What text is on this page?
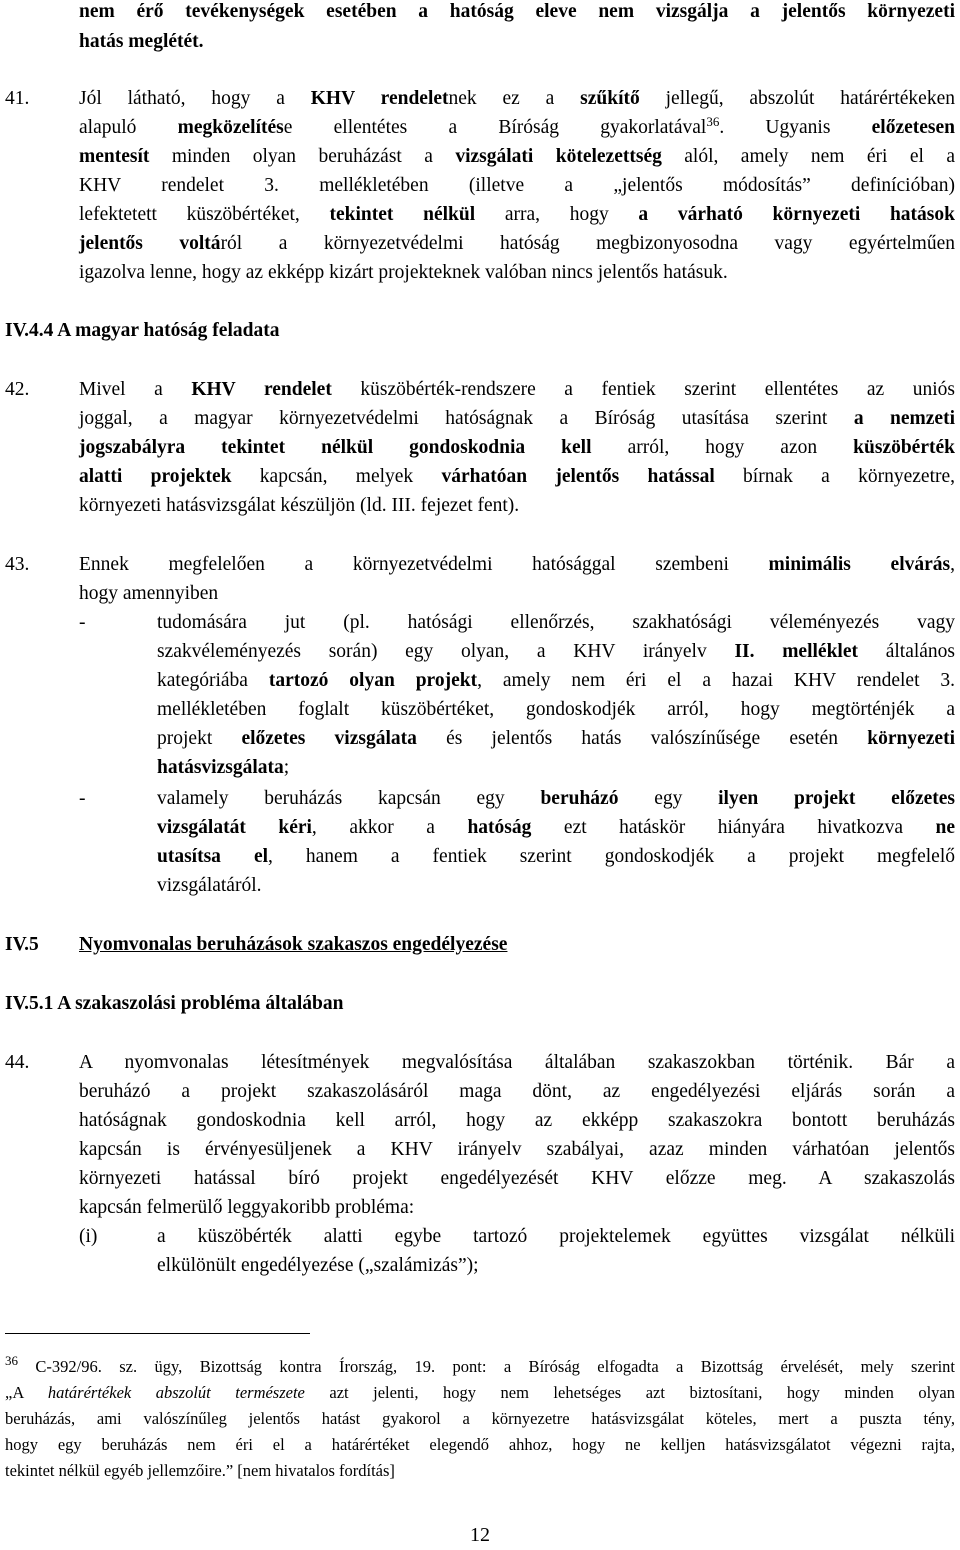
nem érő tevékenységek esetében a hatóság eleve nem vizsgálja a jelentős környezeti
hatás meglétét.
41.	Jól látható, hogy a KHV rendeletnek ez a szűkítő jellegű, abszolút határértékeken
alapuló megközelítése ellentétes a Bíróság gyakorlatával$^{36}$. Ugyanis előzetesen
mentesít minden olyan beruházást a vizsgálati kötelezettség alól, amely nem éri el a
KHV rendelet 3. mellékletében (illetve a „jelentős módosítás” definícióban)
lefektetett küszöbértéket, tekintet nélkül arra, hogy a várható környezeti hatások
jelentős voltáról a környezetvédelmi hatóság megbizonyosodna vagy egyértelműen
igazolva lenne, hogy az ekképp kizárt projekteknek valóban nincs jelentős hatásuk.
IV.4.4 A magyar hatóság feladata
42.	Mivel a KHV rendelet küszöbérték-rendszere a fentiek szerint ellentétes az uniós
joggal, a magyar környezetvédelmi hatóságnak a Bíróság utasítása szerint a nemzeti
jogszabályra tekintet nélkül gondoskodnia kell arról, hogy azon küszöbérték
alatti projektek kapcsán, melyek várhatóan jelentős hatással bírnak a környezetre,
környezeti hatásvizsgálat készüljön (ld. III. fejezet fent).
43.	Ennek megfelelően a környezetvédelmi hatósággal szembeni minimális elvárás,
hogy amennyiben
-	tudomására jut (pl. hatósági ellenőrzés, szakhatósági véleményezés vagy
szakvéleményezés során) egy olyan, a KHV irányelv II. melléklet általános
kategóriába tartozó olyan projekt, amely nem éri el a hazai KHV rendelet 3.
mellékletében foglalt küszöbértéket, gondoskodjék arról, hogy megtörténjék a
projekt előzetes vizsgálata és jelentős hatás valószínűsége esetén környezeti
hatásvizsgálata;
-	valamely beruházás kapcsán egy beruházó egy ilyen projekt előzetes
vizsgálatát kéri, akkor a hatóság ezt hatáskör hiányára hivatkozva ne
utasítsa el, hanem a fentiek szerint gondoskodjék a projekt megfelelő
vizsgálatáról.
IV.5 Nyomvonalas beruházások szakaszos engedélyezése
IV.5.1 A szakaszolási probléma általában
44.	A nyomvonalas létesítmények megvalósítása általában szakaszokban történik. Bár a
beruházó a projekt szakaszolásáról maga dönt, az engedélyezési eljárás során a
hatóságnak gondoskodnia kell arról, hogy az ekképp szakaszokra bontott beruházás
kapcsán is érvényesüljenek a KHV irányelv szabályai, azaz minden várhatóan jelentős
környezeti hatással bíró projekt engedélyezését KHV előzze meg. A szakaszolás
kapcsán felmerülő leggyakoribb probléma:
(i)	a küszöbérték alatti egybe tartozó projektelemek együttes vizsgálat nélküli
elkülönült engedélyezése („szalámizás”);
$^{36}$ C-392/96. sz. ügy, Bizottság kontra Írország, 19. pont: a Bíróság elfogadta a Bizottság érvelését, mely szerint
„A határértékek abszolút természete azt jelenti, hogy nem lehetséges azt biztosítani, hogy minden olyan
beruházás, ami valószínűleg jelentős hatást gyakorol a környezetre hatásvizsgálat köteles, mert a puszta tény,
hogy egy beruházás nem éri el a határértéket elegendő ahhoz, hogy ne kelljen hatásvizsgálatot végezni rajta,
tekintet nélkül egyéb jellemzőire.” [nem hivatalos fordítás]
12
